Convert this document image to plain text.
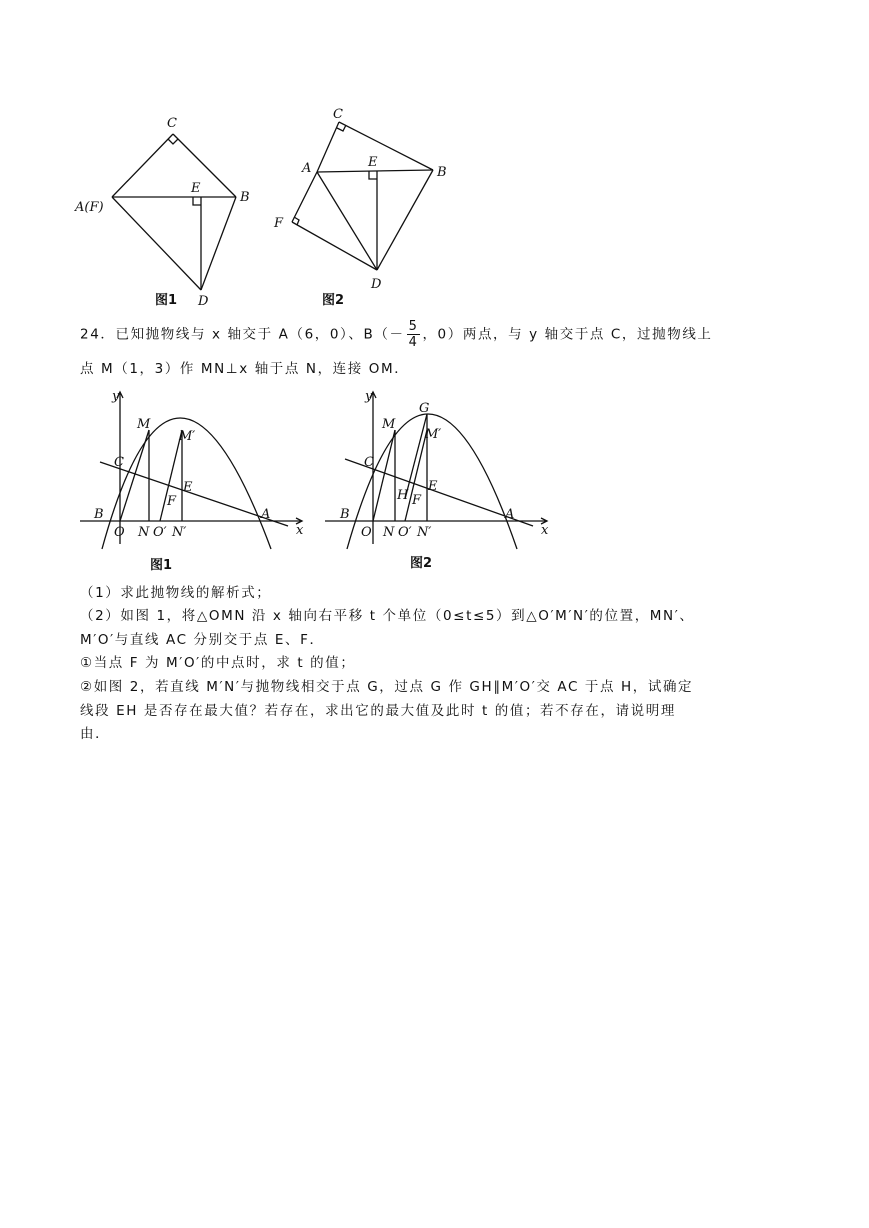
C
A(F)
E
B
D
图1
C
A	E
B
F
D
图2
24．已知抛物线与 x 轴交于 A（6，0）、$B(- \frac{5}{4}$ ，0）两点，与 y 轴交于点 C，过抛物线上
点 M（1，3）作 MN⊥x 轴于点 N，连接 OM．
y
x
M
M′
C
E
F
B	A
O N O′ N′
图1
y
x
M
G
M′
C
H
E
F
B	A
O N O′ N′
图2
（1）求此抛物线的解析式；
（2）如图 1，将△OMN 沿 x 轴向右平移 t 个单位（0≤t≤5）到△O′M′N′的位置，MN′、
M′O′与直线 AC 分别交于点 E、F．
①当点 F 为 M′O′的中点时，求 t 的值；
②如图 2，若直线 M′N′与抛物线相交于点 G，过点 G 作 GH∥M′O′交 AC 于点 H，试确定
线段 EH 是否存在最大值？若存在，求出它的最大值及此时 t 的值；若不存在，请说明理
由．
